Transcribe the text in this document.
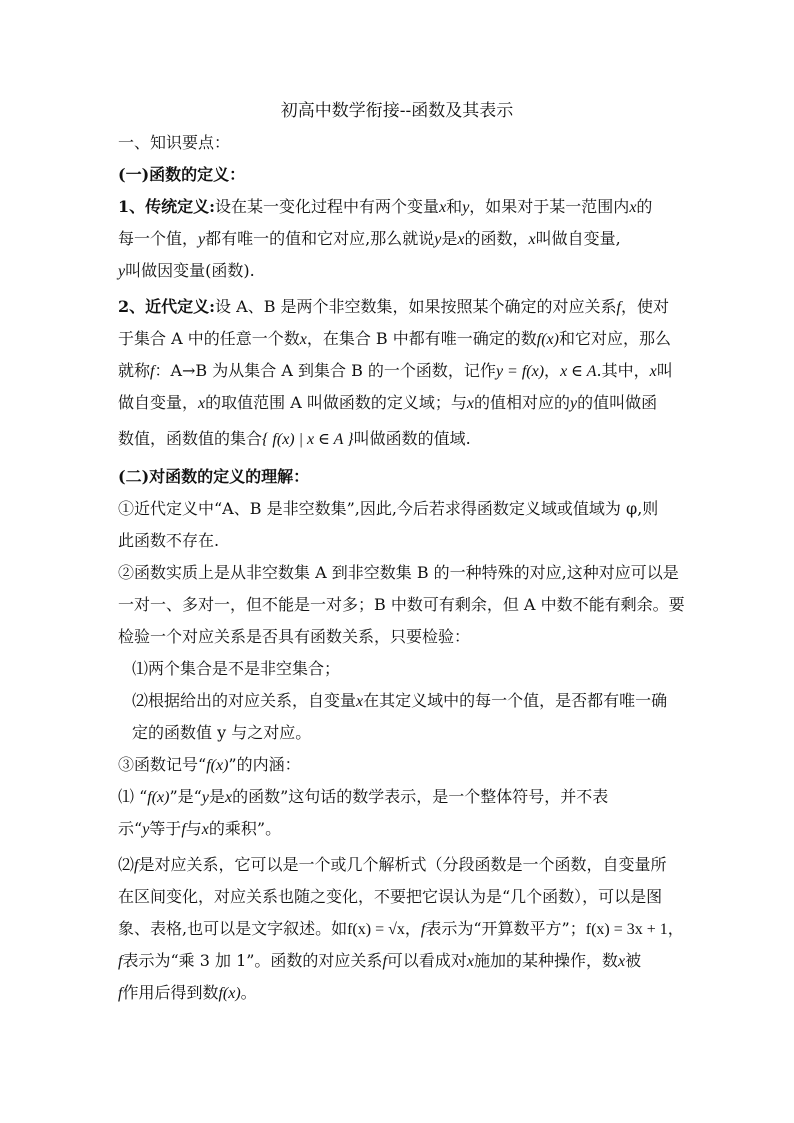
初高中数学衔接--函数及其表示
一、知识要点：
(一)函数的定义：
1、传统定义:设在某一变化过程中有两个变量x和y，如果对于某一范围内x的
每一个值，y都有唯一的值和它对应,那么就说y是x的函数，x叫做自变量,
y叫做因变量(函数).
2、近代定义:设 A、B 是两个非空数集，如果按照某个确定的对应关系f，使对
于集合 A 中的任意一个数x，在集合 B 中都有唯一确定的数f(x)和它对应，那么
就称f：A→B 为从集合 A 到集合 B 的一个函数，记作y = f(x)，x ∈ A.其中，x叫
做自变量，x的取值范围 A 叫做函数的定义域；与x的值相对应的y的值叫做函
数值，函数值的集合{ f(x) | x ∈ A }叫做函数的值域.
(二)对函数的定义的理解：
①近代定义中“A、B 是非空数集”,因此,今后若求得函数定义域或值域为 φ,则
此函数不存在.
②函数实质上是从非空数集 A 到非空数集 B 的一种特殊的对应,这种对应可以是
一对一、多对一，但不能是一对多；B 中数可有剩余，但 A 中数不能有剩余。要
检验一个对应关系是否具有函数关系，只要检验：
⑴两个集合是不是非空集合；
⑵根据给出的对应关系，自变量x在其定义域中的每一个值，是否都有唯一确
定的函数值 y 与之对应。
③函数记号“f(x)”的内涵：
⑴ “f(x)”是“y是x的函数”这句话的数学表示，是一个整体符号，并不表
示“y等于f与x的乘积”。
⑵f是对应关系，它可以是一个或几个解析式（分段函数是一个函数，自变量所
在区间变化，对应关系也随之变化，不要把它误认为是“几个函数），可以是图
象、表格,也可以是文字叙述。如f(x) = √x，f表示为“开算数平方”；f(x) = 3x + 1，
f表示为“乘 3 加 1”。函数的对应关系f可以看成对x施加的某种操作，数x被
f作用后得到数f(x)。
